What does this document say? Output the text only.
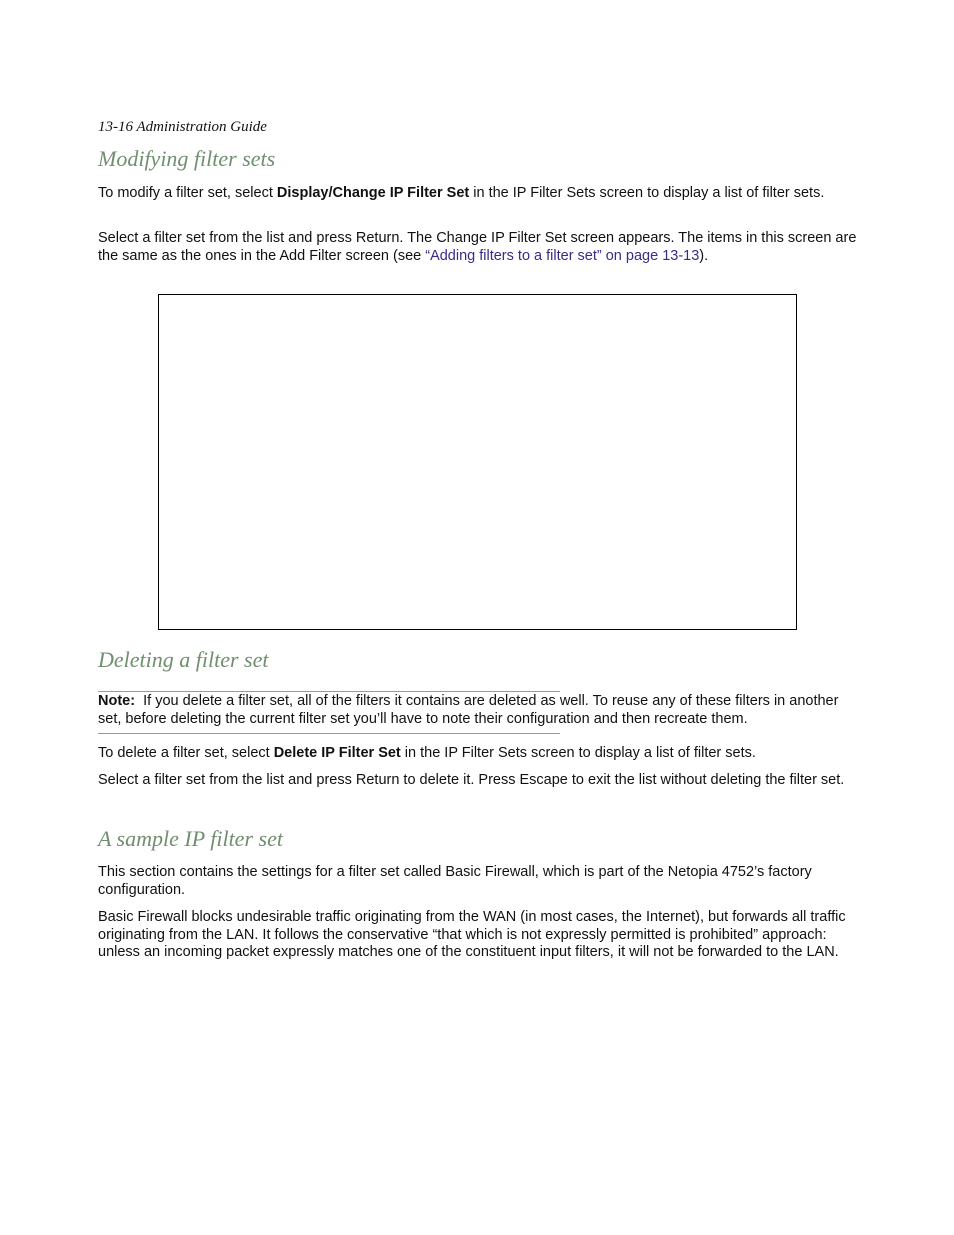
13-16 Administration Guide
Modifying filter sets

To modify a filter set, select Display/Change IP Filter Set in the IP Filter Sets screen to display a list of filter sets.

Select a filter set from the list and press Return. The Change IP Filter Set screen appears. The items in this screen are the same as the ones in the Add Filter screen (see “Adding filters to a filter set” on page 13-13).

Deleting a filter set

Note: If you delete a filter set, all of the filters it contains are deleted as well. To reuse any of these filters in another set, before deleting the current filter set you’ll have to note their configuration and then recreate them.

To delete a filter set, select Delete IP Filter Set in the IP Filter Sets screen to display a list of filter sets.

Select a filter set from the list and press Return to delete it. Press Escape to exit the list without deleting the filter set.

A sample IP filter set

This section contains the settings for a filter set called Basic Firewall, which is part of the Netopia 4752’s factory configuration.

Basic Firewall blocks undesirable traffic originating from the WAN (in most cases, the Internet), but forwards all traffic originating from the LAN. It follows the conservative “that which is not expressly permitted is prohibited” approach: unless an incoming packet expressly matches one of the constituent input filters, it will not be forwarded to the LAN.
